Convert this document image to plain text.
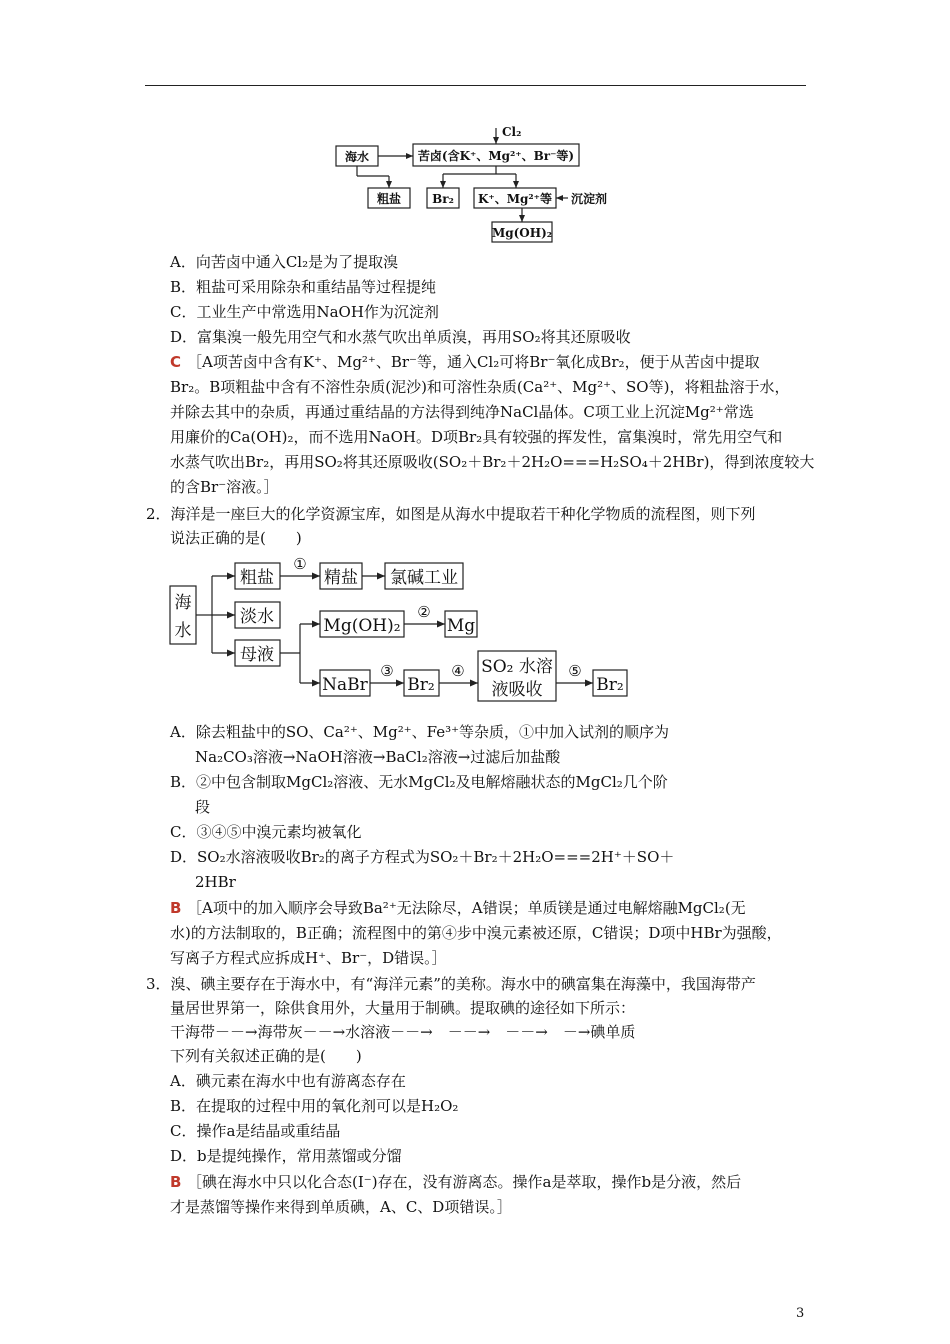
Cl₂
海水	苦卤(含K⁺、Mg²⁺、Br⁻等)
粗盐	Br₂ K⁺、Mg²⁺等 沉淀剂
Mg(OH)₂
A．向苦卤中通入Cl₂是为了提取溴
B．粗盐可采用除杂和重结晶等过程提纯
C．工业生产中常选用NaOH作为沉淀剂
D．富集溴一般先用空气和水蒸气吹出单质溴，再用SO₂将其还原吸收
C ［A项苦卤中含有K⁺、Mg²⁺、Br⁻等，通入Cl₂可将Br⁻氧化成Br₂，便于从苦卤中提取
Br₂。B项粗盐中含有不溶性杂质(泥沙)和可溶性杂质(Ca²⁺、Mg²⁺、SO等)，将粗盐溶于水，
并除去其中的杂质，再通过重结晶的方法得到纯净NaCl晶体。C项工业上沉淀Mg²⁺常选
用廉价的Ca(OH)₂，而不选用NaOH。D项Br₂具有较强的挥发性，富集溴时，常先用空气和
水蒸气吹出Br₂，再用SO₂将其还原吸收(SO₂＋Br₂＋2H₂O===H₂SO₄＋2HBr)，得到浓度较大
的含Br⁻溶液。］
2．海洋是一座巨大的化学资源宝库，如图是从海水中提取若干种化学物质的流程图，则下列
说法正确的是(　　)
海
水
粗盐	精盐 氯碱工业
淡水
母液
Mg(OH)₂	Mg
NaBr Br₂
SO₂ 水溶
液吸收	Br₂
①
②
③	④	⑤
A．除去粗盐中的SO、Ca²⁺、Mg²⁺、Fe³⁺等杂质，①中加入试剂的顺序为
Na₂CO₃溶液→NaOH溶液→BaCl₂溶液→过滤后加盐酸
B．②中包含制取MgCl₂溶液、无水MgCl₂及电解熔融状态的MgCl₂几个阶
段
C．③④⑤中溴元素均被氧化
D．SO₂水溶液吸收Br₂的离子方程式为SO₂＋Br₂＋2H₂O===2H⁺＋SO＋
2HBr
B ［A项中的加入顺序会导致Ba²⁺无法除尽，A错误；单质镁是通过电解熔融MgCl₂(无
水)的方法制取的，B正确；流程图中的第④步中溴元素被还原，C错误；D项中HBr为强酸，
写离子方程式应拆成H⁺、Br⁻，D错误。］
3．溴、碘主要存在于海水中，有“海洋元素”的美称。海水中的碘富集在海藻中，我国海带产
量居世界第一，除供食用外，大量用于制碘。提取碘的途径如下所示：
干海带－－→海带灰－－→水溶液－－→　－－→　－－→　－→碘单质
下列有关叙述正确的是(　　)
A．碘元素在海水中也有游离态存在
B．在提取的过程中用的氧化剂可以是H₂O₂
C．操作a是结晶或重结晶
D．b是提纯操作，常用蒸馏或分馏
B ［碘在海水中只以化合态(I⁻)存在，没有游离态。操作a是萃取，操作b是分液，然后
才是蒸馏等操作来得到单质碘，A、C、D项错误。］
3
